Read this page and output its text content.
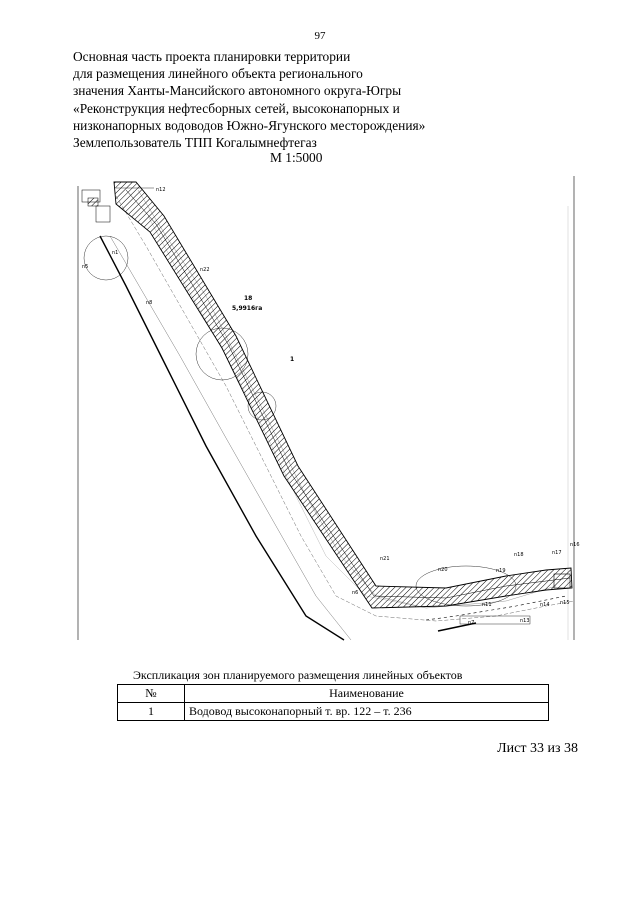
97
Основная часть проекта планировки территории
для размещения линейного объекта регионального
значения Ханты-Мансийского автономного округа-Югры
«Реконструкция нефтесборных сетей, высоконапорных и
низконапорных водоводов Южно-Ягунского месторождения»
Землепользователь ТПП Когалымнефтегаз
М 1:5000
n12
n1
n5	n22
n8
18
5,9916га
1
n21
n18	n17
n16
n20	n19
n6
n14 n15
n11
n7	n13
Экспликация зон планируемого размещения линейных объектов
№	Наименование
1	Водовод высоконапорный т. вр. 122 – т. 236
Лист 33 из 38
